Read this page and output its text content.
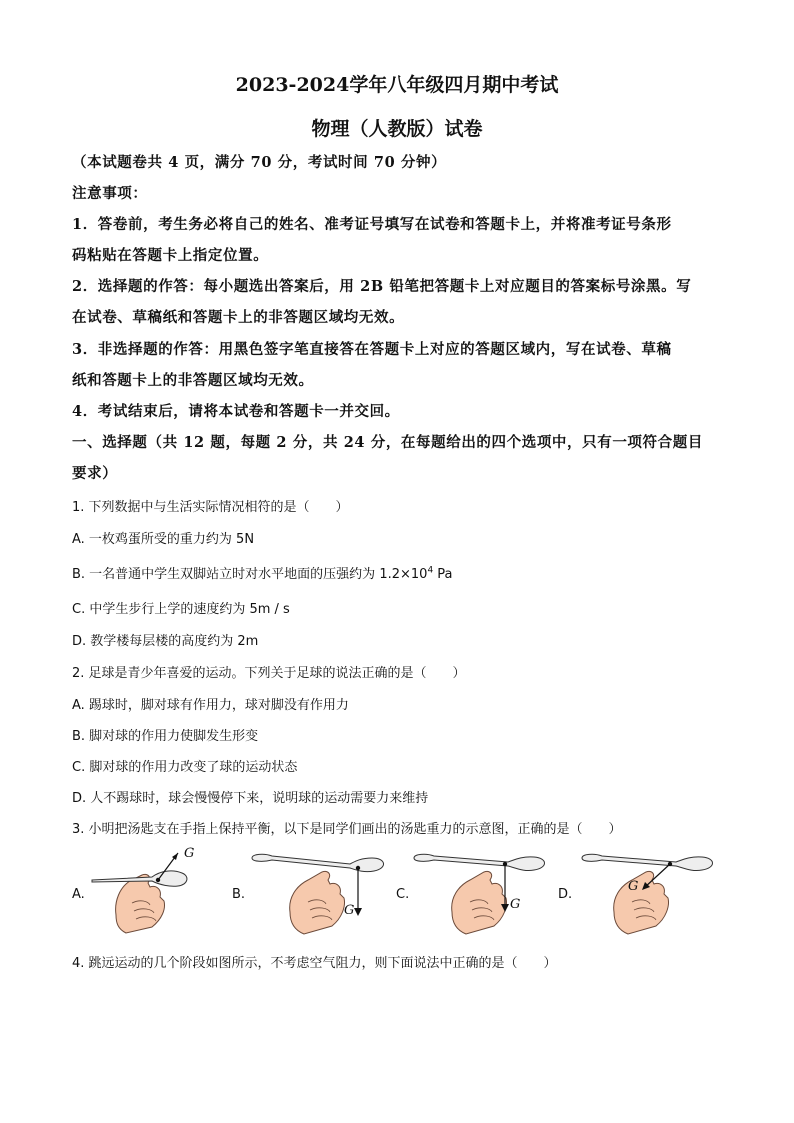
2023-2024学年八年级四月期中考试
物理（人教版）试卷
（本试题卷共 4 页，满分 70 分，考试时间 70 分钟）
注意事项：
1．答卷前，考生务必将自己的姓名、准考证号填写在试卷和答题卡上，并将准考证号条形
码粘贴在答题卡上指定位置。
2．选择题的作答：每小题选出答案后，用 2B 铅笔把答题卡上对应题目的答案标号涂黑。写
在试卷、草稿纸和答题卡上的非答题区域均无效。
3．非选择题的作答：用黑色签字笔直接答在答题卡上对应的答题区域内，写在试卷、草稿
纸和答题卡上的非答题区域均无效。
4．考试结束后，请将本试卷和答题卡一并交回。
一、选择题（共 12 题，每题 2 分，共 24 分，在每题给出的四个选项中，只有一项符合题目
要求）
1. 下列数据中与生活实际情况相符的是（　　）
A. 一枚鸡蛋所受的重力约为 5N
B. 一名普通中学生双脚站立时对水平地面的压强约为 $1.2\times 10^4$ Pa
C. 中学生步行上学的速度约为 5m / s
D. 教学楼每层楼的高度约为 2m
2. 足球是青少年喜爱的运动。下列关于足球的说法正确的是（　　）
A. 踢球时，脚对球有作用力，球对脚没有作用力
B. 脚对球的作用力使脚发生形变
C. 脚对球的作用力改变了球的运动状态
D. 人不踢球时，球会慢慢停下来，说明球的运动需要力来维持
3. 小明把汤匙支在手指上保持平衡，以下是同学们画出的汤匙重力的示意图，正确的是（　　）
A.
G
B.
G
C.
G
D.
G
4. 跳远运动的几个阶段如图所示，不考虑空气阻力，则下面说法中正确的是（　　）
